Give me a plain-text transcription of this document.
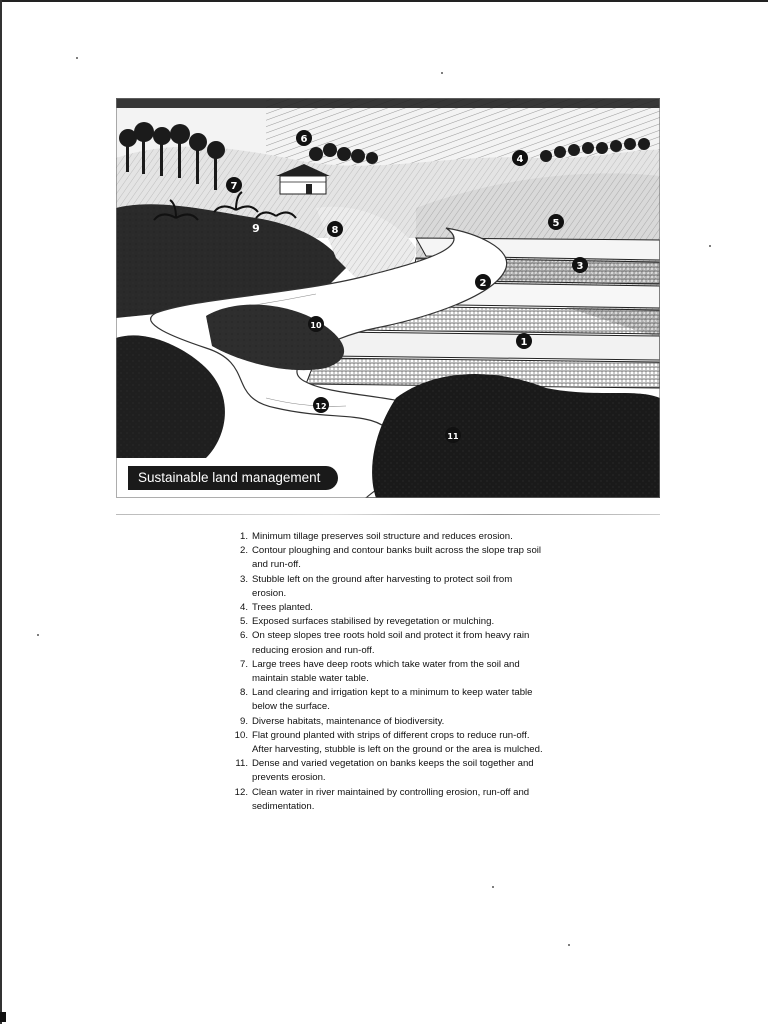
1
2
3
4
5
6
7
8
9
10
11
12
Sustainable land management
1. Minimum tillage preserves soil structure and reduces erosion.
2. Contour ploughing and contour banks built across the slope trap soil and run-off.
3. Stubble left on the ground after harvesting to protect soil from erosion.
4. Trees planted.
5. Exposed surfaces stabilised by revegetation or mulching.
6. On steep slopes tree roots hold soil and protect it from heavy rain reducing erosion and run-off.
7. Large trees have deep roots which take water from the soil and maintain stable water table.
8. Land clearing and irrigation kept to a minimum to keep water table below the surface.
9. Diverse habitats, maintenance of biodiversity.
10. Flat ground planted with strips of different crops to reduce run-off. After harvesting, stubble is left on the ground or the area is mulched.
11. Dense and varied vegetation on banks keeps the soil together and prevents erosion.
12. Clean water in river maintained by controlling erosion, run-off and sedimentation.
